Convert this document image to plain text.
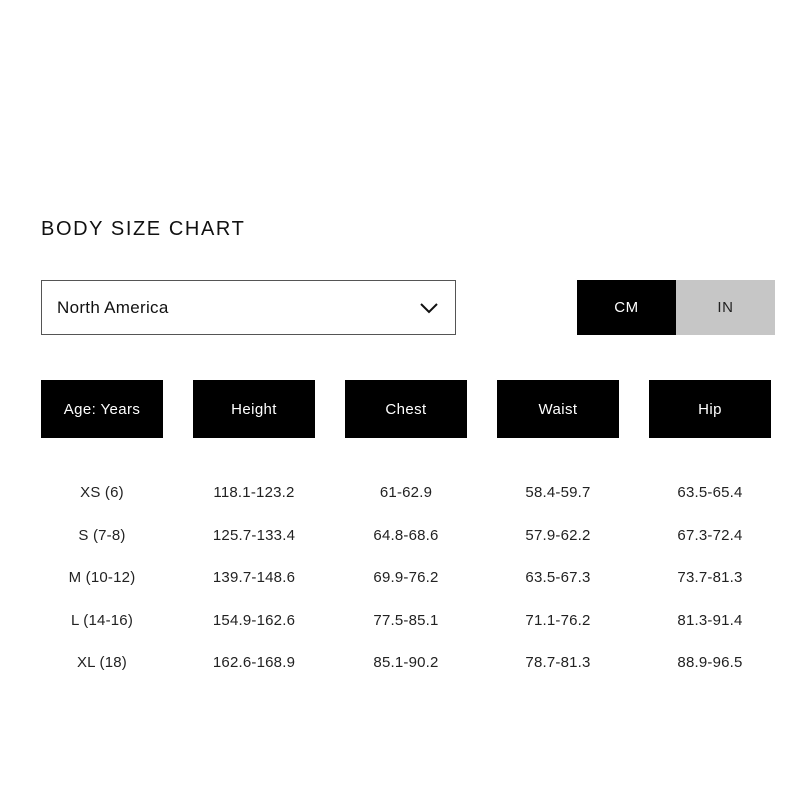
BODY SIZE CHART
North America	CM	IN
Age: Years	Height	Chest	Waist	Hip
XS (6)	118.1-123.2	61-62.9	58.4-59.7	63.5-65.4
S (7-8)	125.7-133.4	64.8-68.6	57.9-62.2	67.3-72.4
M (10-12)	139.7-148.6	69.9-76.2	63.5-67.3	73.7-81.3
L (14-16)	154.9-162.6	77.5-85.1	71.1-76.2	81.3-91.4
XL (18)	162.6-168.9	85.1-90.2	78.7-81.3	88.9-96.5
